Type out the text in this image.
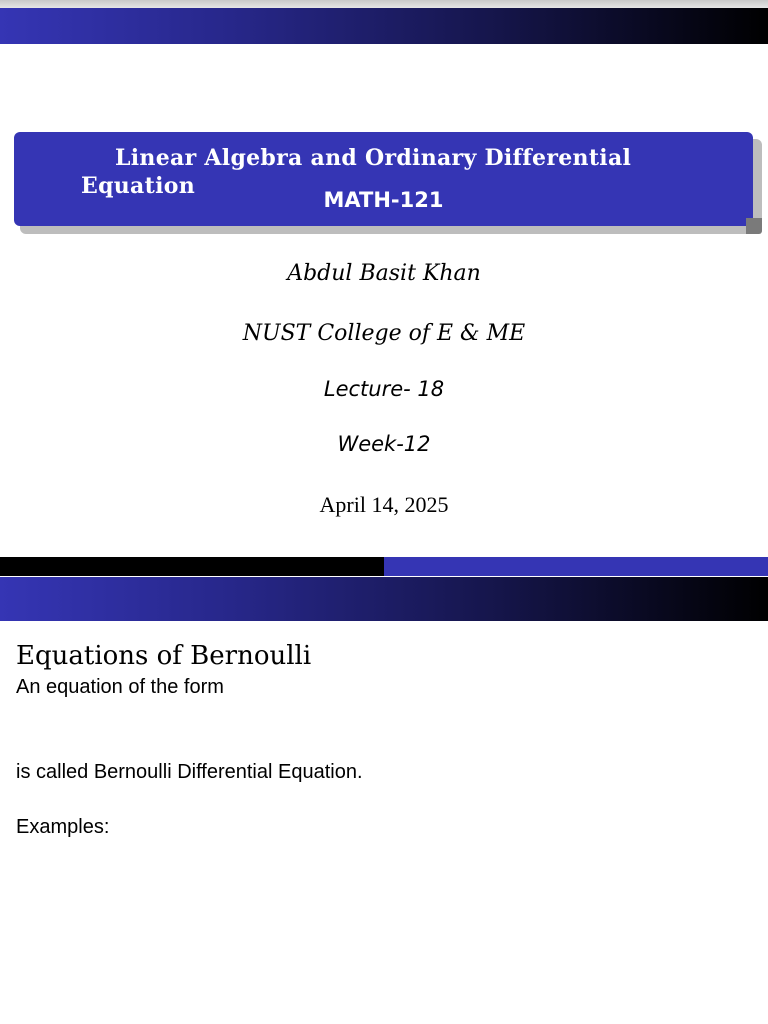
Linear Algebra and Ordinary Differential Equation
MATH-121
Abdul Basit Khan
NUST College of E & ME
Lecture- 18
Week-12
April 14, 2025
Equations of Bernoulli
An equation of the form
is called Bernoulli Differential Equation.
Examples:
